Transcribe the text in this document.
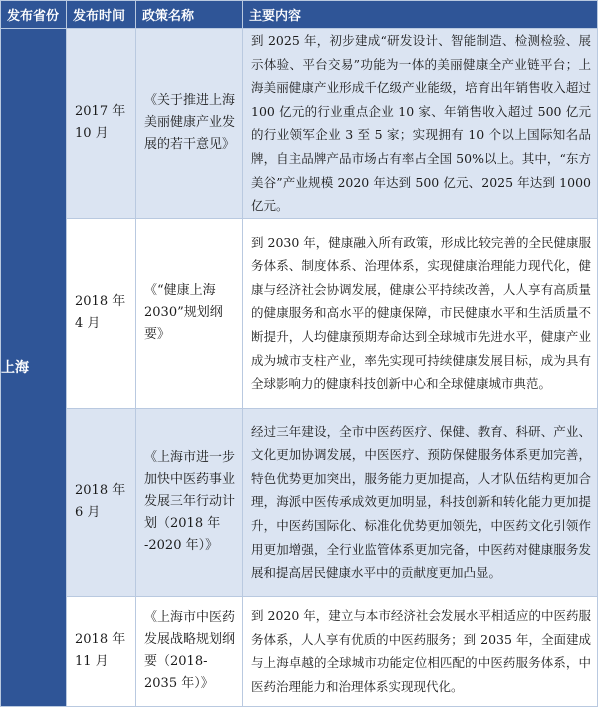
发布省份	发布时间	政策名称	主要内容
上海	2017 年 10 月	《关于推进上海美丽健康产业发展的若干意见》	到 2025 年，初步建成“研发设计、智能制造、检测检验、展示体验、平台交易”功能为一体的美丽健康全产业链平台；上海美丽健康产业形成千亿级产业能级，培育出年销售收入超过 100 亿元的行业重点企业 10 家、年销售收入超过 500 亿元的行业领军企业 3 至 5 家；实现拥有 10 个以上国际知名品牌，自主品牌产品市场占有率占全国 50%以上。其中，“东方美谷”产业规模 2020 年达到 500 亿元、2025 年达到 1000 亿元。
	2018 年 4 月	《“健康上海 2030”规划纲要》	到 2030 年，健康融入所有政策，形成比较完善的全民健康服务体系、制度体系、治理体系，实现健康治理能力现代化，健康与经济社会协调发展，健康公平持续改善，人人享有高质量的健康服务和高水平的健康保障，市民健康水平和生活质量不断提升，人均健康预期寿命达到全球城市先进水平，健康产业成为城市支柱产业，率先实现可持续健康发展目标，成为具有全球影响力的健康科技创新中心和全球健康城市典范。
	2018 年 6 月	《上海市进一步加快中医药事业发展三年行动计划（2018 年 -2020 年）》	经过三年建设，全市中医药医疗、保健、教育、科研、产业、文化更加协调发展，中医医疗、预防保健服务体系更加完善，特色优势更加突出，服务能力更加提高，人才队伍结构更加合理，海派中医传承成效更加明显，科技创新和转化能力更加提升，中医药国际化、标准化优势更加领先，中医药文化引领作用更加增强，全行业监管体系更加完备，中医药对健康服务发展和提高居民健康水平中的贡献度更加凸显。
	2018 年11 月	《上海市中医药发展战略规划纲要（2018-2035 年）》	到 2020 年，建立与本市经济社会发展水平相适应的中医药服务体系，人人享有优质的中医药服务；到 2035 年，全面建成与上海卓越的全球城市功能定位相匹配的中医药服务体系，中医药治理能力和治理体系实现现代化。
